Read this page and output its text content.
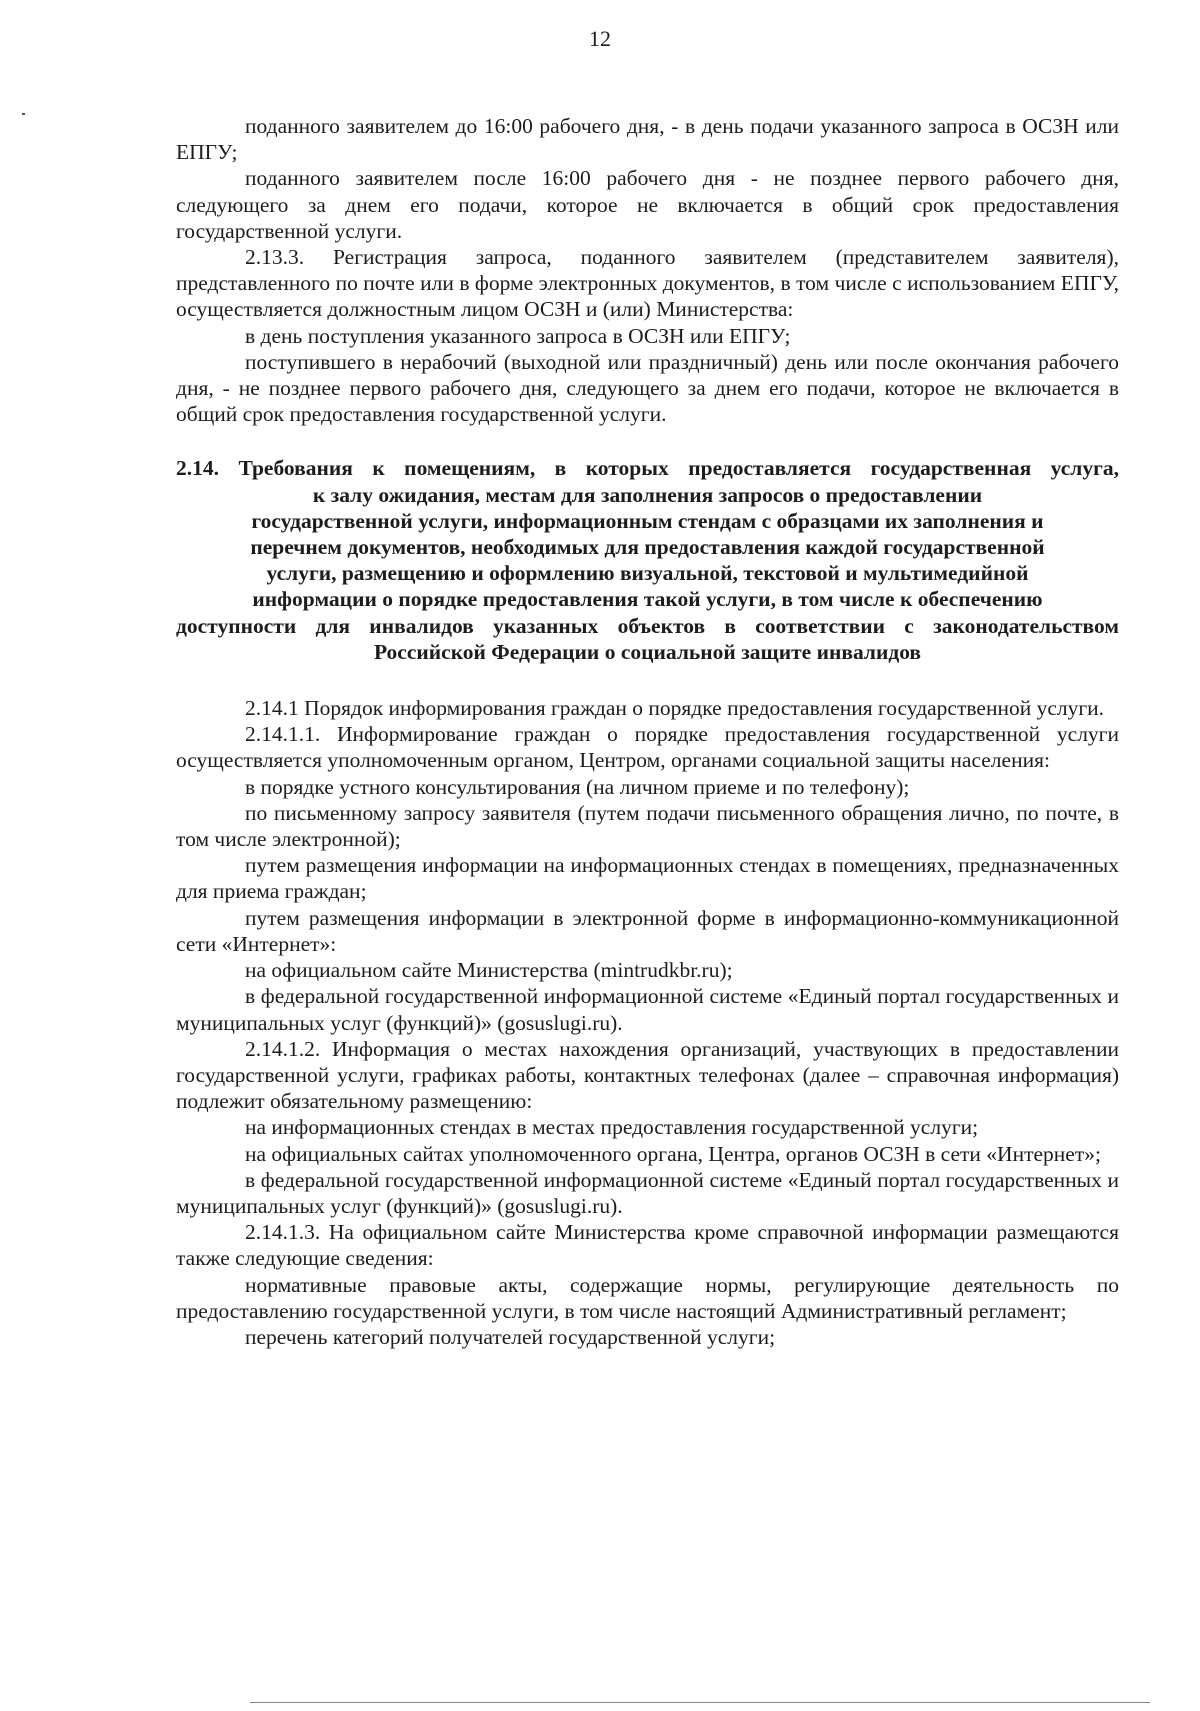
12

поданного заявителем до 16:00 рабочего дня, - в день подачи указанного запроса в ОСЗН или ЕПГУ;

поданного заявителем после 16:00 рабочего дня - не позднее первого рабочего дня, следующего за днем его подачи, которое не включается в общий срок предоставления государственной услуги.

2.13.3. Регистрация запроса, поданного заявителем (представителем заявителя), представленного по почте или в форме электронных документов, в том числе с использованием ЕПГУ, осуществляется должностным лицом ОСЗН и (или) Министерства:

в день поступления указанного запроса в ОСЗН или ЕПГУ;

поступившего в нерабочий (выходной или праздничный) день или после окончания рабочего дня, - не позднее первого рабочего дня, следующего за днем его подачи, которое не включается в общий срок предоставления государственной услуги.

2.14. Требования к помещениям, в которых предоставляется государственная услуга,
к залу ожидания, местам для заполнения запросов о предоставлении
государственной услуги, информационным стендам с образцами их заполнения и
перечнем документов, необходимых для предоставления каждой государственной
услуги, размещению и оформлению визуальной, текстовой и мультимедийной
информации о порядке предоставления такой услуги, в том числе к обеспечению
доступности для инвалидов указанных объектов в соответствии с законодательством
Российской Федерации о социальной защите инвалидов

2.14.1 Порядок информирования граждан о порядке предоставления государственной услуги.

2.14.1.1. Информирование граждан о порядке предоставления государственной услуги осуществляется уполномоченным органом, Центром, органами социальной защиты населения:

в порядке устного консультирования (на личном приеме и по телефону);

по письменному запросу заявителя (путем подачи письменного обращения лично, по почте, в том числе электронной);

путем размещения информации на информационных стендах в помещениях, предназначенных для приема граждан;

путем размещения информации в электронной форме в информационно-коммуникационной сети «Интернет»:

на официальном сайте Министерства (mintrudkbr.ru);

в федеральной государственной информационной системе «Единый портал государственных и муниципальных услуг (функций)» (gosuslugi.ru).

2.14.1.2. Информация о местах нахождения организаций, участвующих в предоставлении государственной услуги, графиках работы, контактных телефонах (далее – справочная информация) подлежит обязательному размещению:

на информационных стендах в местах предоставления государственной услуги;

на официальных сайтах уполномоченного органа, Центра, органов ОСЗН в сети «Интернет»;

в федеральной государственной информационной системе «Единый портал государственных и муниципальных услуг (функций)» (gosuslugi.ru).

2.14.1.3. На официальном сайте Министерства кроме справочной информации размещаются также следующие сведения:

нормативные правовые акты, содержащие нормы, регулирующие деятельность по предоставлению государственной услуги, в том числе настоящий Административный регламент;

перечень категорий получателей государственной услуги;
